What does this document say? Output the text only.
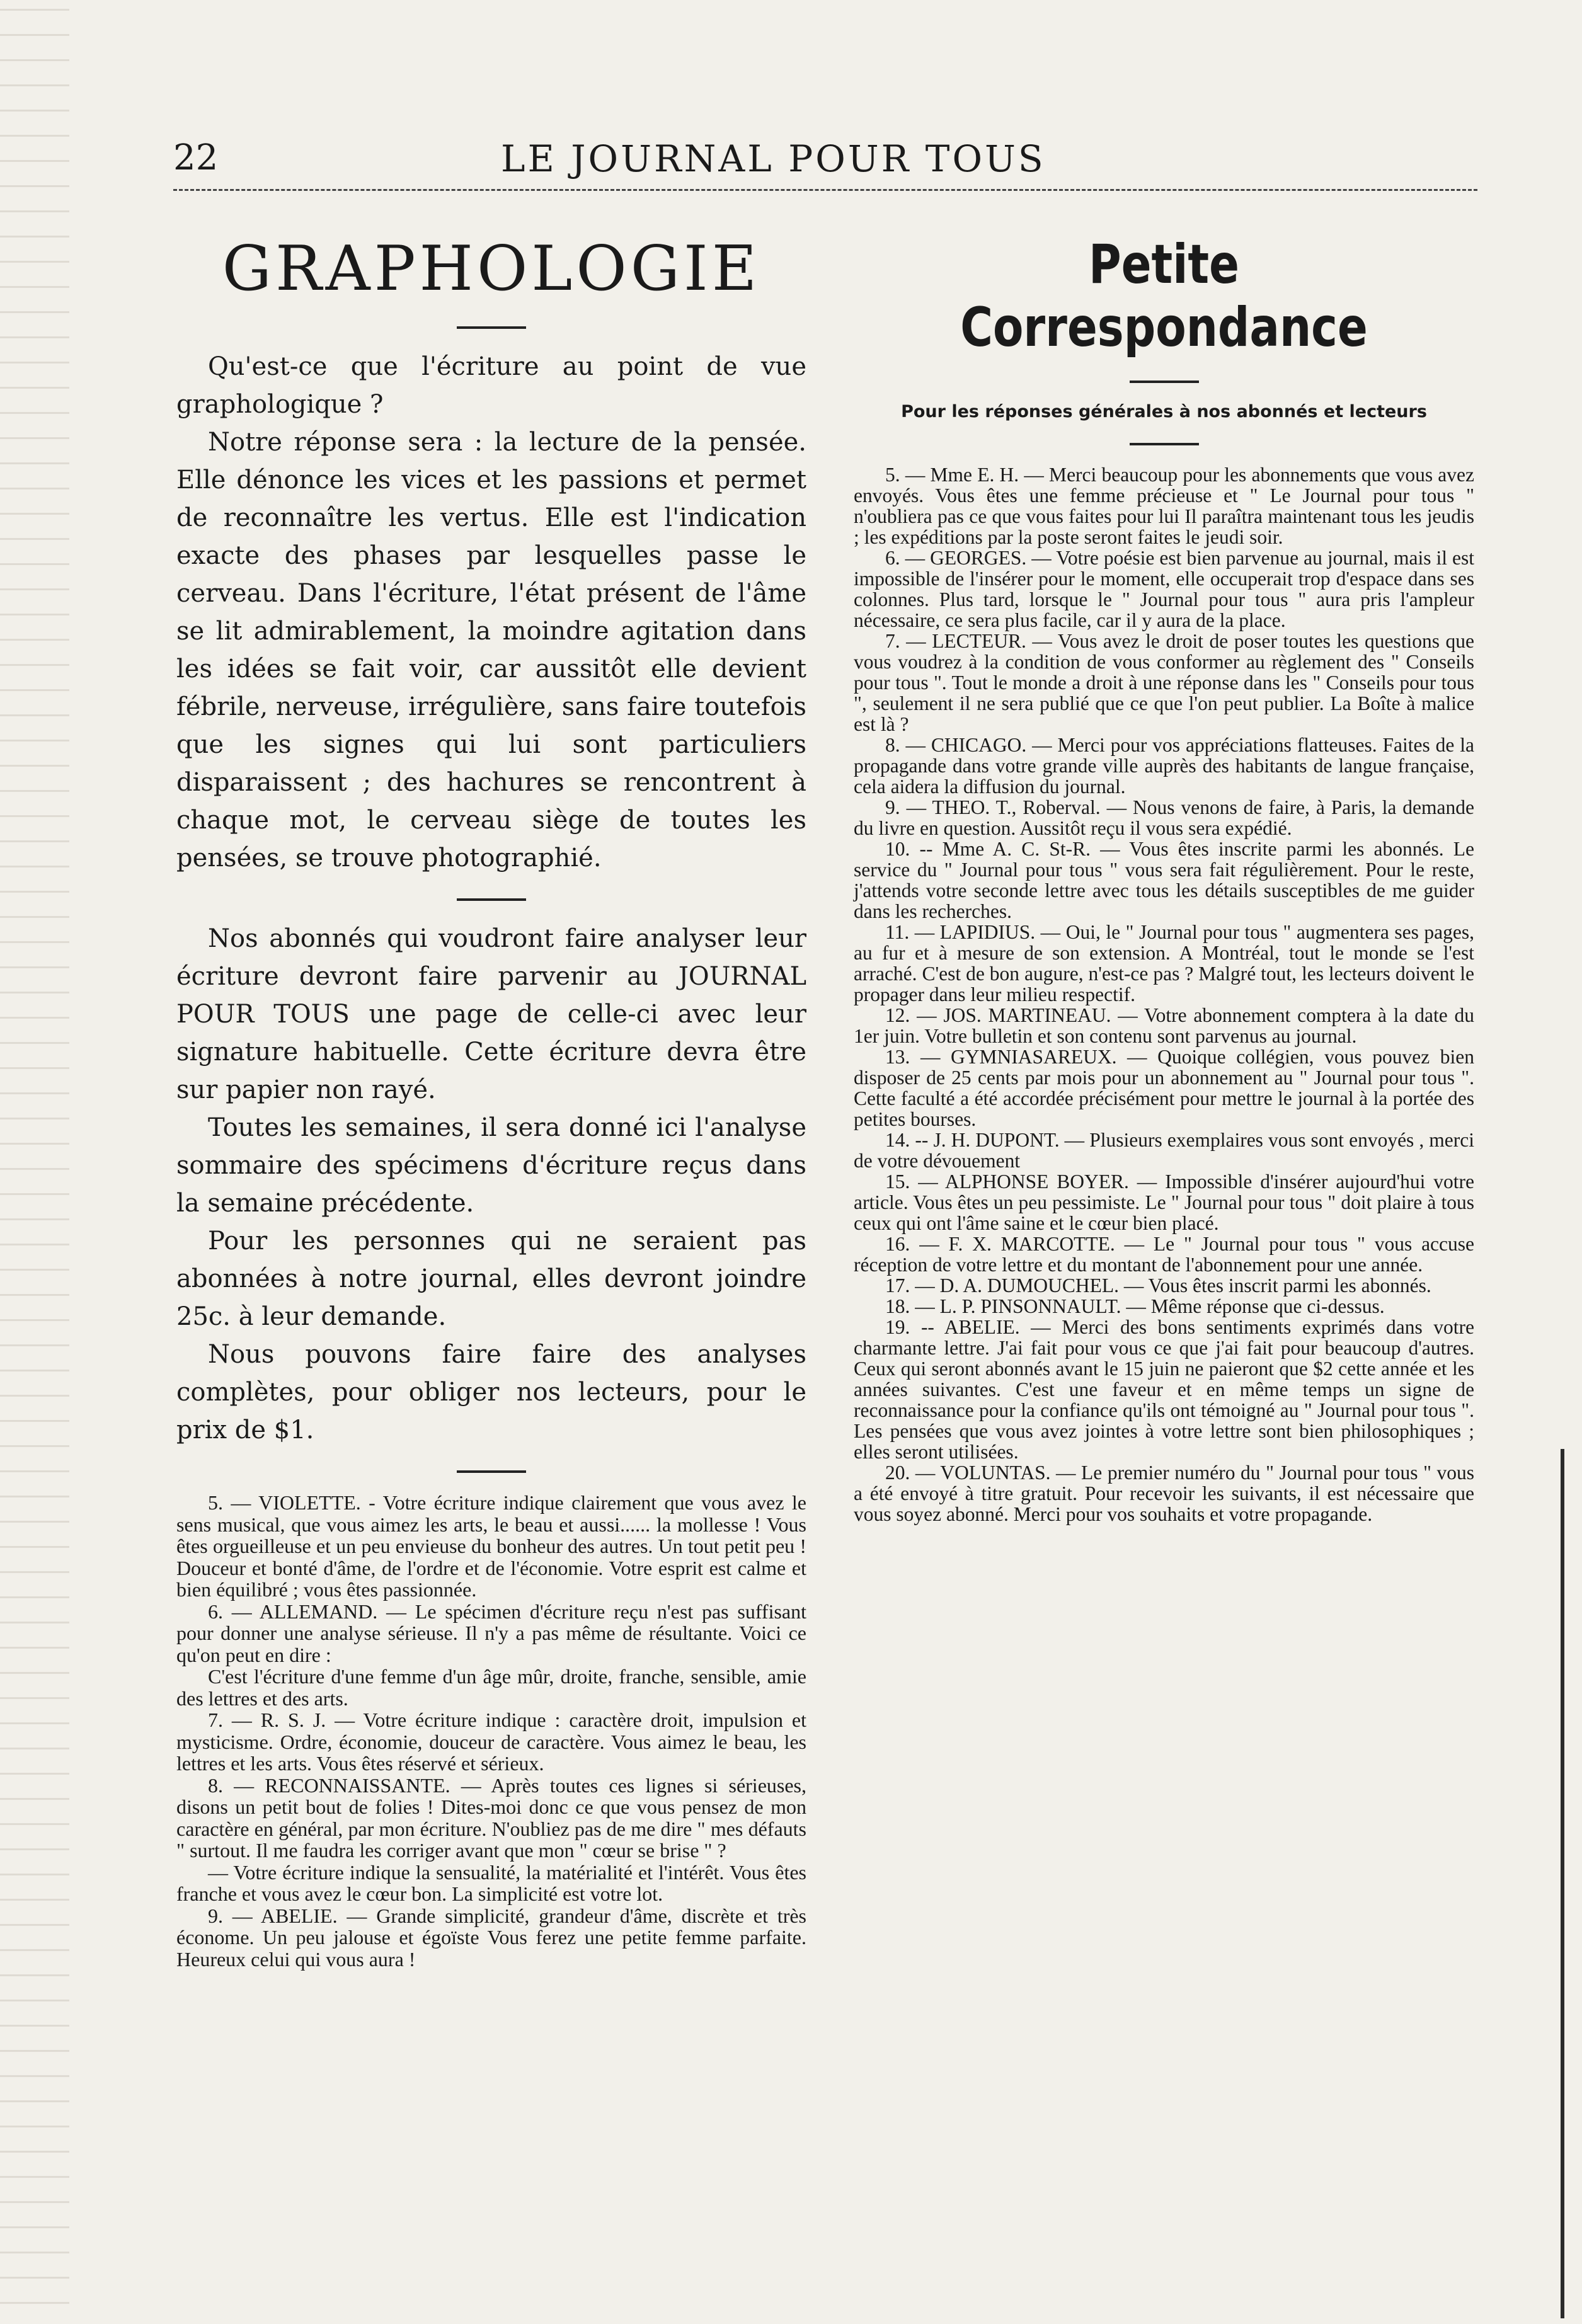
22	LE JOURNAL POUR TOUS
GRAPHOLOGIE

Qu'est-ce que l'écriture au point de vue graphologique ?

Notre réponse sera : la lecture de la pensée. Elle dénonce les vices et les passions et permet de reconnaître les vertus. Elle est l'indication exacte des phases par lesquelles passe le cerveau. Dans l'écriture, l'état présent de l'âme se lit admirablement, la moindre agitation dans les idées se fait voir, car aussitôt elle devient fébrile, nerveuse, irrégulière, sans faire toutefois que les signes qui lui sont particuliers disparaissent ; des hachures se rencontrent à chaque mot, le cerveau siège de toutes les pensées, se trouve photographié.

Nos abonnés qui voudront faire analyser leur écriture devront faire parvenir au JOURNAL POUR TOUS une page de celle-ci avec leur signature habituelle. Cette écriture devra être sur papier non rayé.

Toutes les semaines, il sera donné ici l'analyse sommaire des spécimens d'écriture reçus dans la semaine précédente.

Pour les personnes qui ne seraient pas abonnées à notre journal, elles devront joindre 25c. à leur demande.

Nous pouvons faire faire des analyses complètes, pour obliger nos lecteurs, pour le prix de $1.

5. — VIOLETTE. - Votre écriture indique clairement que vous avez le sens musical, que vous aimez les arts, le beau et aussi...... la mollesse ! Vous êtes orgueilleuse et un peu envieuse du bonheur des autres. Un tout petit peu ! Douceur et bonté d'âme, de l'ordre et de l'économie. Votre esprit est calme et bien équilibré ; vous êtes passionnée.

6. — ALLEMAND. — Le spécimen d'écriture reçu n'est pas suffisant pour donner une analyse sérieuse. Il n'y a pas même de résultante. Voici ce qu'on peut en dire :

C'est l'écriture d'une femme d'un âge mûr, droite, franche, sensible, amie des lettres et des arts.

7. — R. S. J. — Votre écriture indique : caractère droit, impulsion et mysticisme. Ordre, économie, douceur de caractère. Vous aimez le beau, les lettres et les arts. Vous êtes réservé et sérieux.

8. — RECONNAISSANTE. — Après toutes ces lignes si sérieuses, disons un petit bout de folies ! Dites-moi donc ce que vous pensez de mon caractère en général, par mon écriture. N'oubliez pas de me dire " mes défauts " surtout. Il me faudra les corriger avant que mon " cœur se brise " ?

— Votre écriture indique la sensualité, la matérialité et l'intérêt. Vous êtes franche et vous avez le cœur bon. La simplicité est votre lot.

9. — ABELIE. — Grande simplicité, grandeur d'âme, discrète et très économe. Un peu jalouse et égoïste Vous ferez une petite femme parfaite. Heureux celui qui vous aura !

Petite Correspondance

Pour les réponses générales à nos abonnés et lecteurs

5. — Mme E. H. — Merci beaucoup pour les abonnements que vous avez envoyés. Vous êtes une femme précieuse et " Le Journal pour tous " n'oubliera pas ce que vous faites pour lui Il paraîtra maintenant tous les jeudis ; les expéditions par la poste seront faites le jeudi soir.

6. — GEORGES. — Votre poésie est bien parvenue au journal, mais il est impossible de l'insérer pour le moment, elle occuperait trop d'espace dans ses colonnes. Plus tard, lorsque le " Journal pour tous " aura pris l'ampleur nécessaire, ce sera plus facile, car il y aura de la place.

7. — LECTEUR. — Vous avez le droit de poser toutes les questions que vous voudrez à la condition de vous conformer au règlement des " Conseils pour tous ". Tout le monde a droit à une réponse dans les " Conseils pour tous ", seulement il ne sera publié que ce que l'on peut publier. La Boîte à malice est là ?

8. — CHICAGO. — Merci pour vos appréciations flatteuses. Faites de la propagande dans votre grande ville auprès des habitants de langue française, cela aidera la diffusion du journal.

9. — THEO. T., Roberval. — Nous venons de faire, à Paris, la demande du livre en question. Aussitôt reçu il vous sera expédié.

10. -- Mme A. C. St-R. — Vous êtes inscrite parmi les abonnés. Le service du " Journal pour tous " vous sera fait régulièrement. Pour le reste, j'attends votre seconde lettre avec tous les détails susceptibles de me guider dans les recherches.

11. — LAPIDIUS. — Oui, le " Journal pour tous " augmentera ses pages, au fur et à mesure de son extension. A Montréal, tout le monde se l'est arraché. C'est de bon augure, n'est-ce pas ? Malgré tout, les lecteurs doivent le propager dans leur milieu respectif.

12. — JOS. MARTINEAU. — Votre abonnement comptera à la date du 1er juin. Votre bulletin et son contenu sont parvenus au journal.

13. — GYMNIASAREUX. — Quoique collégien, vous pouvez bien disposer de 25 cents par mois pour un abonnement au " Journal pour tous ". Cette faculté a été accordée précisément pour mettre le journal à la portée des petites bourses.

14. -- J. H. DUPONT. — Plusieurs exemplaires vous sont envoyés , merci de votre dévouement

15. — ALPHONSE BOYER. — Impossible d'insérer aujourd'hui votre article. Vous êtes un peu pessimiste. Le " Journal pour tous " doit plaire à tous ceux qui ont l'âme saine et le cœur bien placé.

16. — F. X. MARCOTTE. — Le " Journal pour tous " vous accuse réception de votre lettre et du montant de l'abonnement pour une année.

17. — D. A. DUMOUCHEL. — Vous êtes inscrit parmi les abonnés.

18. — L. P. PINSONNAULT. — Même réponse que ci-dessus.

19. -- ABELIE. — Merci des bons sentiments exprimés dans votre charmante lettre. J'ai fait pour vous ce que j'ai fait pour beaucoup d'autres. Ceux qui seront abonnés avant le 15 juin ne paieront que $2 cette année et les années suivantes. C'est une faveur et en même temps un signe de reconnaissance pour la confiance qu'ils ont témoigné au " Journal pour tous ". Les pensées que vous avez jointes à votre lettre sont bien philosophiques ; elles seront utilisées.

20. — VOLUNTAS. — Le premier numéro du " Journal pour tous " vous a été envoyé à titre gratuit. Pour recevoir les suivants, il est nécessaire que vous soyez abonné. Merci pour vos souhaits et votre propagande.
